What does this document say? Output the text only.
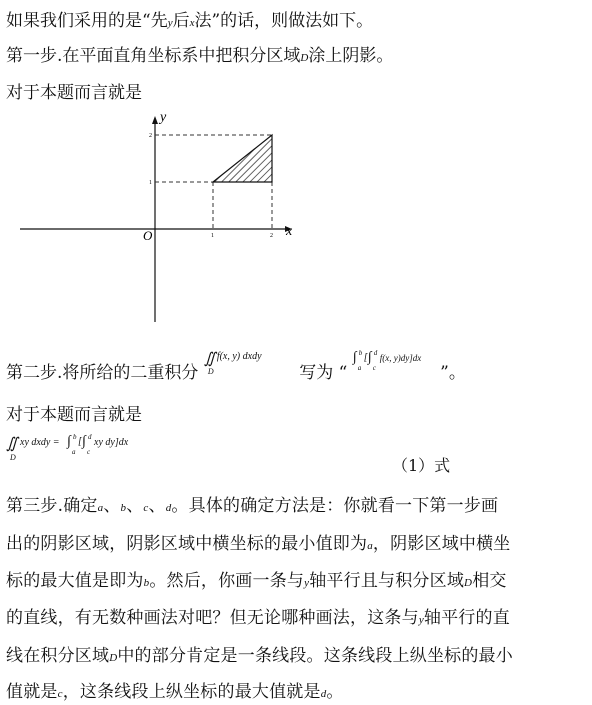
如果我们采用的是“先y后x法”的话，则做法如下。
第一步.在平面直角坐标系中把积分区域D涂上阴影。
对于本题而言就是
y
x
O	1	2
1
2
第二步.将所给的二重积分
∬
D
f(x, y) dxdy
写为 “
∫ b
a
[ ∫ d
c
f(x, y)dy]dx
”。
对于本题而言就是
∬
D
xy dxdy = ∫ b
a
[ ∫ d
c
xy dy]dx
（1）式
第三步.确定a、b、c、d。具体的确定方法是：你就看一下第一步画
出的阴影区域，阴影区域中横坐标的最小值即为a，阴影区域中横坐
标的最大值是即为b。然后，你画一条与y轴平行且与积分区域D相交
的直线，有无数种画法对吧？但无论哪种画法，这条与y轴平行的直
线在积分区域D中的部分肯定是一条线段。这条线段上纵坐标的最小
值就是c，这条线段上纵坐标的最大值就是d。
